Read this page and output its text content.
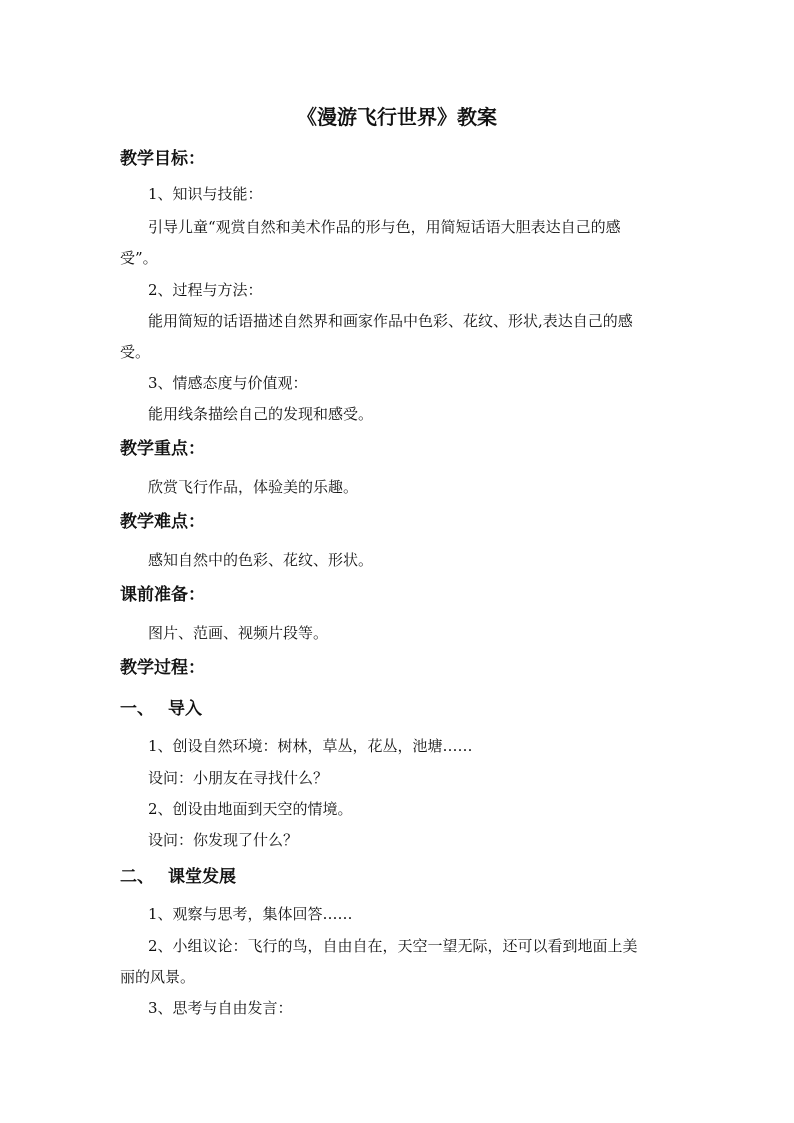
《漫游飞行世界》教案
教学目标：
1、知识与技能：
引导儿童“观赏自然和美术作品的形与色，用简短话语大胆表达自己的感
受”。
2、过程与方法：
能用简短的话语描述自然界和画家作品中色彩、花纹、形状,表达自己的感
受。
3、情感态度与价值观：
能用线条描绘自己的发现和感受。
教学重点：
欣赏飞行作品，体验美的乐趣。
教学难点：
感知自然中的色彩、花纹、形状。
课前准备：
图片、范画、视频片段等。
教学过程：
一、 导入
1、创设自然环境：树林，草丛，花丛，池塘……
设问：小朋友在寻找什么？
2、创设由地面到天空的情境。
设问：你发现了什么？
二、 课堂发展
1、观察与思考，集体回答……
2、小组议论：飞行的鸟，自由自在，天空一望无际，还可以看到地面上美
丽的风景。
3、思考与自由发言：
